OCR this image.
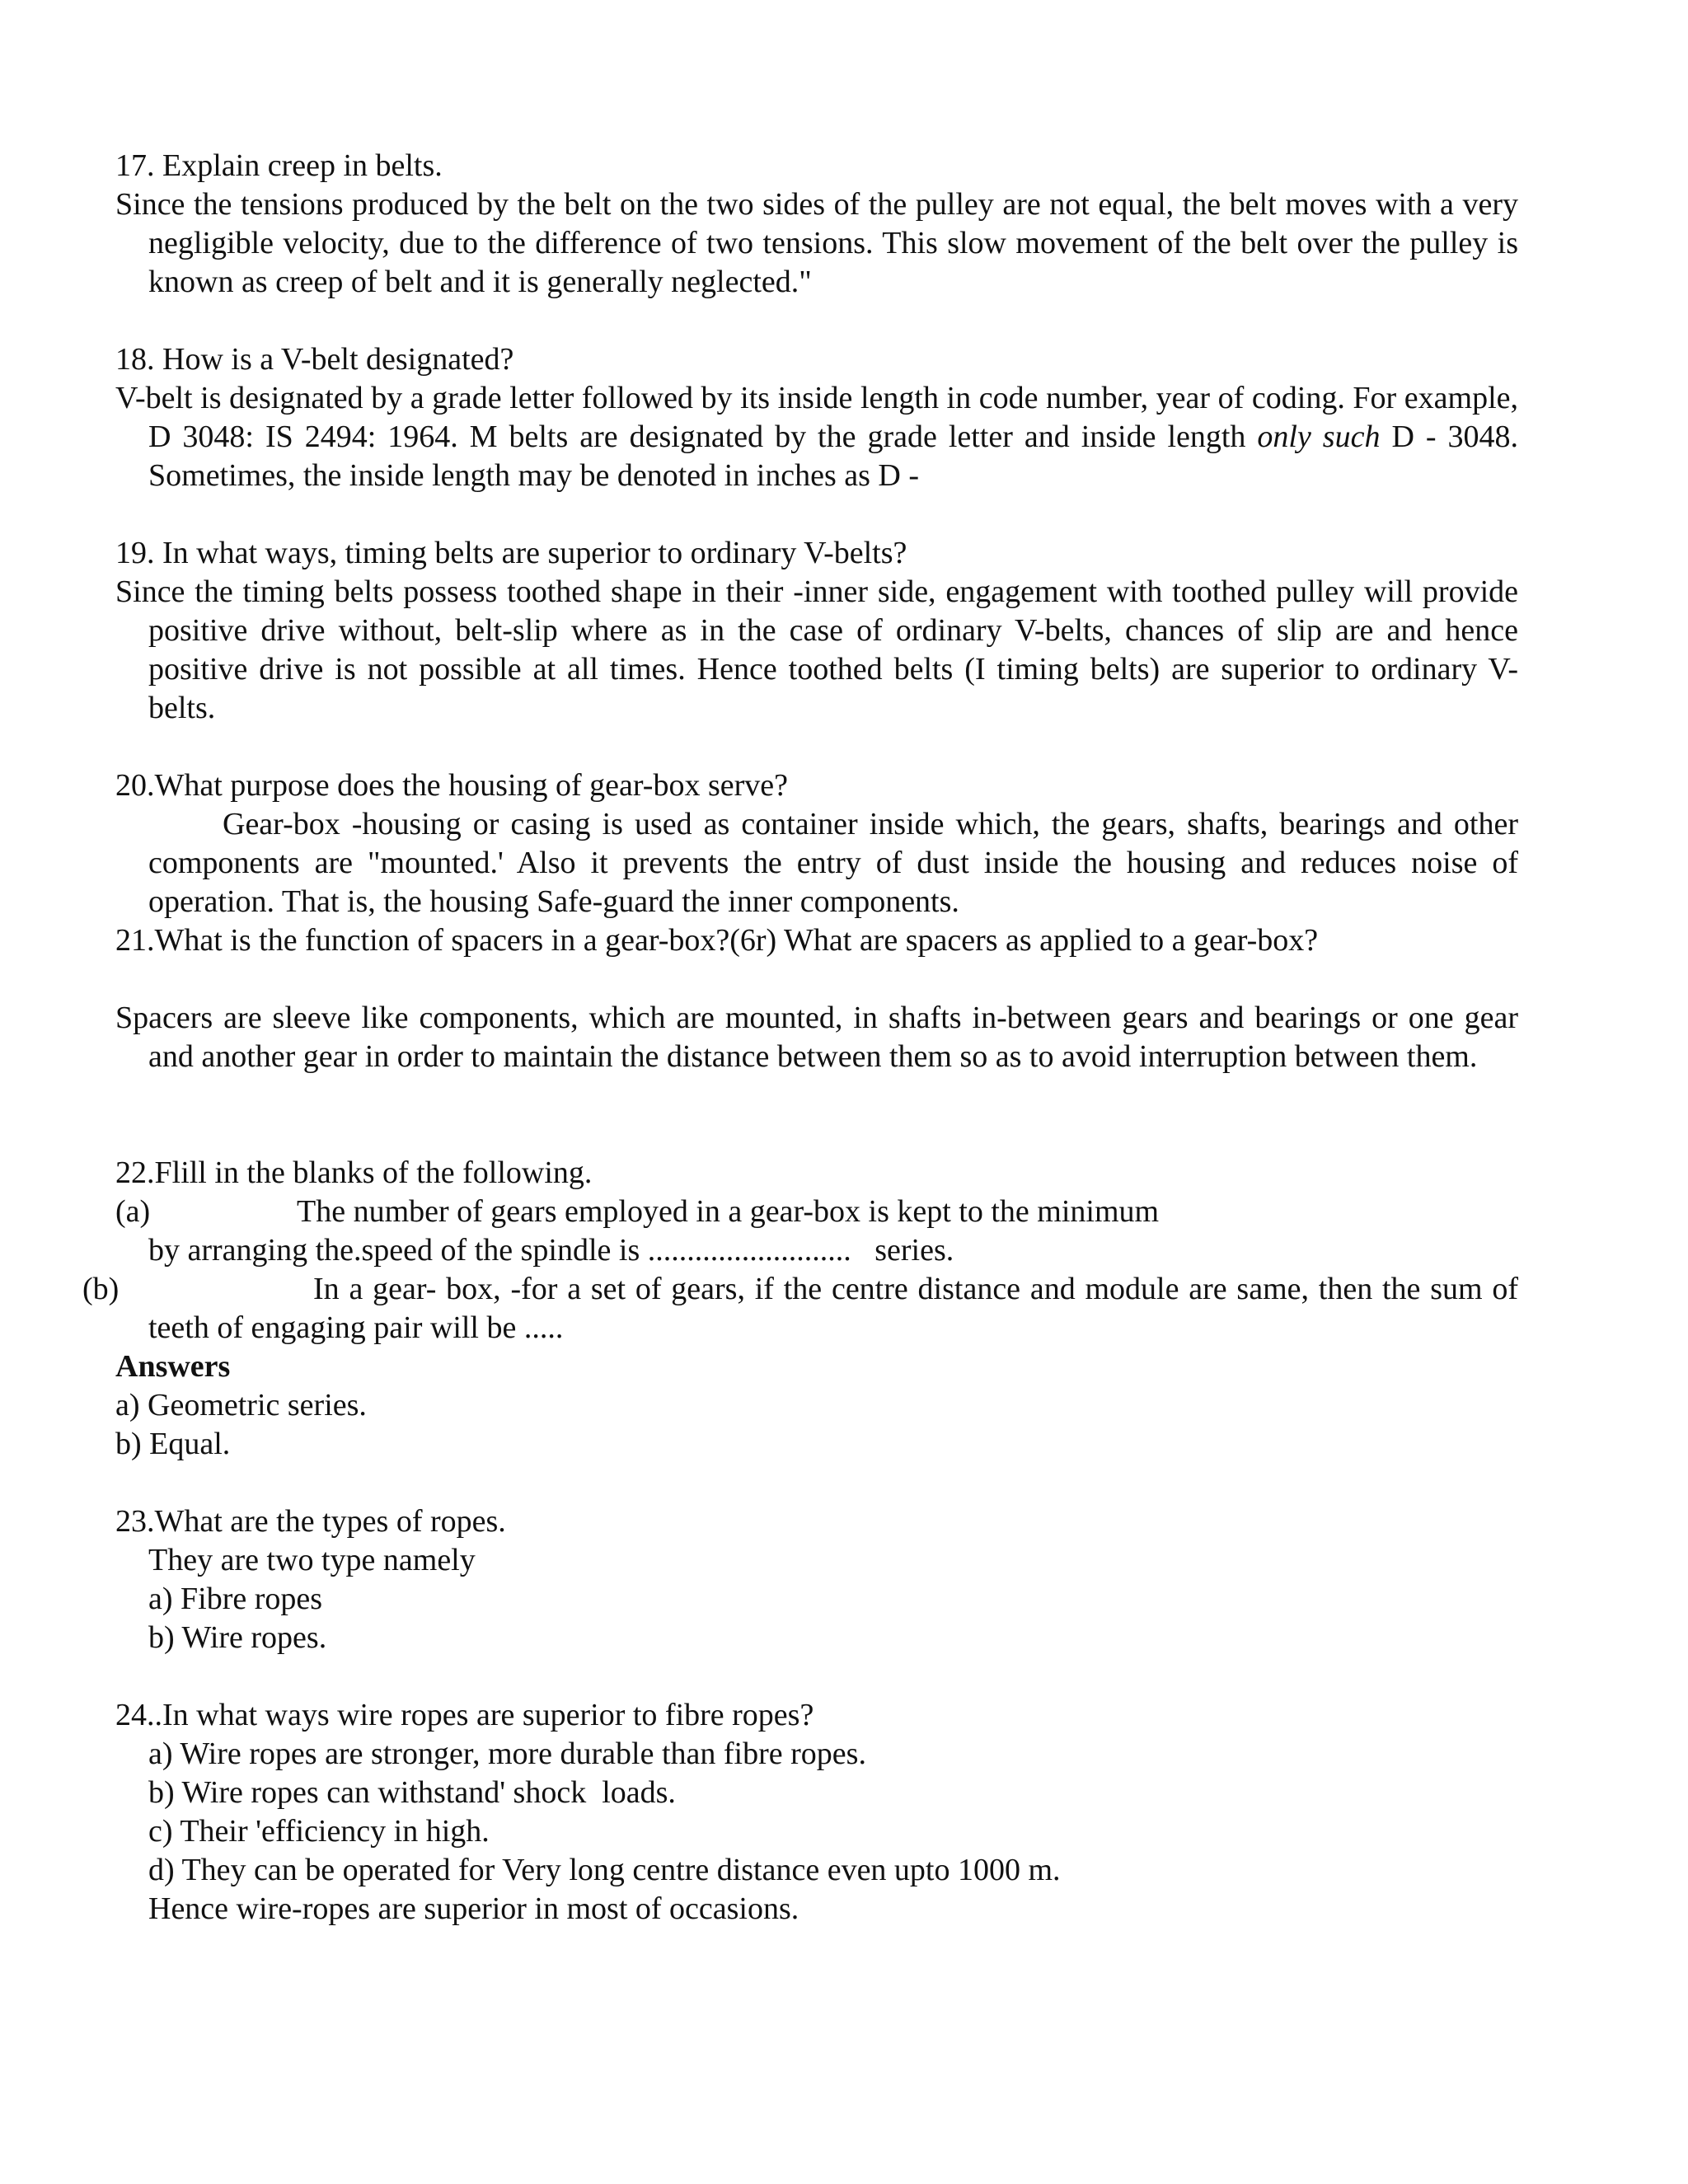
17. Explain creep in belts.

Since the tensions produced by the belt on the two sides of the pulley are not equal, the belt moves with a very negligible velocity, due to the difference of two tensions. This slow movement of the belt over the pulley is known as creep of belt and it is generally neglected."

18. How is a V-belt designated?

V-belt is designated by a grade letter followed by its inside length in code number, year of coding. For example, D 3048: IS 2494: 1964. M belts are designated by the grade letter and inside length only such D - 3048. Sometimes, the inside length may be denoted in inches as D -

19. In what ways, timing belts are superior to ordinary V-belts?

Since the timing belts possess toothed shape in their -inner side, engagement with toothed pulley will provide positive drive without, belt-slip where as in the case of ordinary V-belts, chances of slip are and hence positive drive is not possible at all times. Hence toothed belts (I timing belts) are superior to ordinary V-belts.

20.What purpose does the housing of gear-box serve?

Gear-box -housing or casing is used as container inside which, the gears, shafts, bearings and other components are "mounted.' Also it prevents the entry of dust inside the housing and reduces noise of operation. That is, the housing Safe-guard the inner components.

21.What is the function of spacers in a gear-box?(6r) What are spacers as applied to a gear-box?

Spacers are sleeve like components, which are mounted, in shafts in-between gears and bearings or one gear and another gear in order to maintain the distance between them so as to avoid interruption between them.

22.Flill in the blanks of the following.

(a)	The number of gears employed in a gear-box is kept to the minimum

by arranging the.speed of the spindle is ..........................   series.

(b)	In a gear- box, -for a set of gears, if the centre distance and module are same, then the sum of teeth of engaging pair will be .....

Answers

a) Geometric series.

b) Equal.

23.What are the types of ropes.

They are two type namely

a) Fibre ropes

b) Wire ropes.

24..In what ways wire ropes are superior to fibre ropes?

a) Wire ropes are stronger, more durable than fibre ropes.

b) Wire ropes can withstand' shock  loads.

c) Their 'efficiency in high.

d) They can be operated for Very long centre distance even upto 1000 m.

Hence wire-ropes are superior in most of occasions.
